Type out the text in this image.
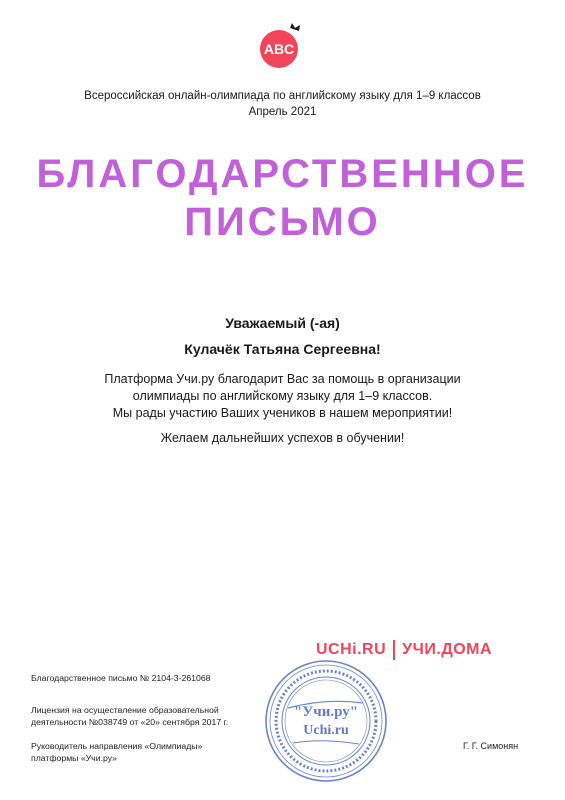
ABC
Всероссийская онлайн-олимпиада по английскому языку для 1–9 классов
Апрель 2021
БЛАГОДАРСТВЕННОЕ
ПИСЬМО
Уважаемый (-ая)
Кулачёк Татьяна Сергеевна!
Платформа Учи.ру благодарит Вас за помощь в организации
олимпиады по английскому языку для 1–9 классов.
Мы рады участию Ваших учеников в нашем мероприятии!
Желаем дальнейших успехов в обучении!
UCHi.RU УЧИ.ДОМА
Благодарственное письмо № 2104-3-261068
Лицензия на осуществление образовательной
деятельности №038749 от «20» сентября 2017 г.
Руководитель направления «Олимпиады»
платформы «Учи.ру»
Г. Г. Симонян
"Учи.ру"
Uchi.ru
